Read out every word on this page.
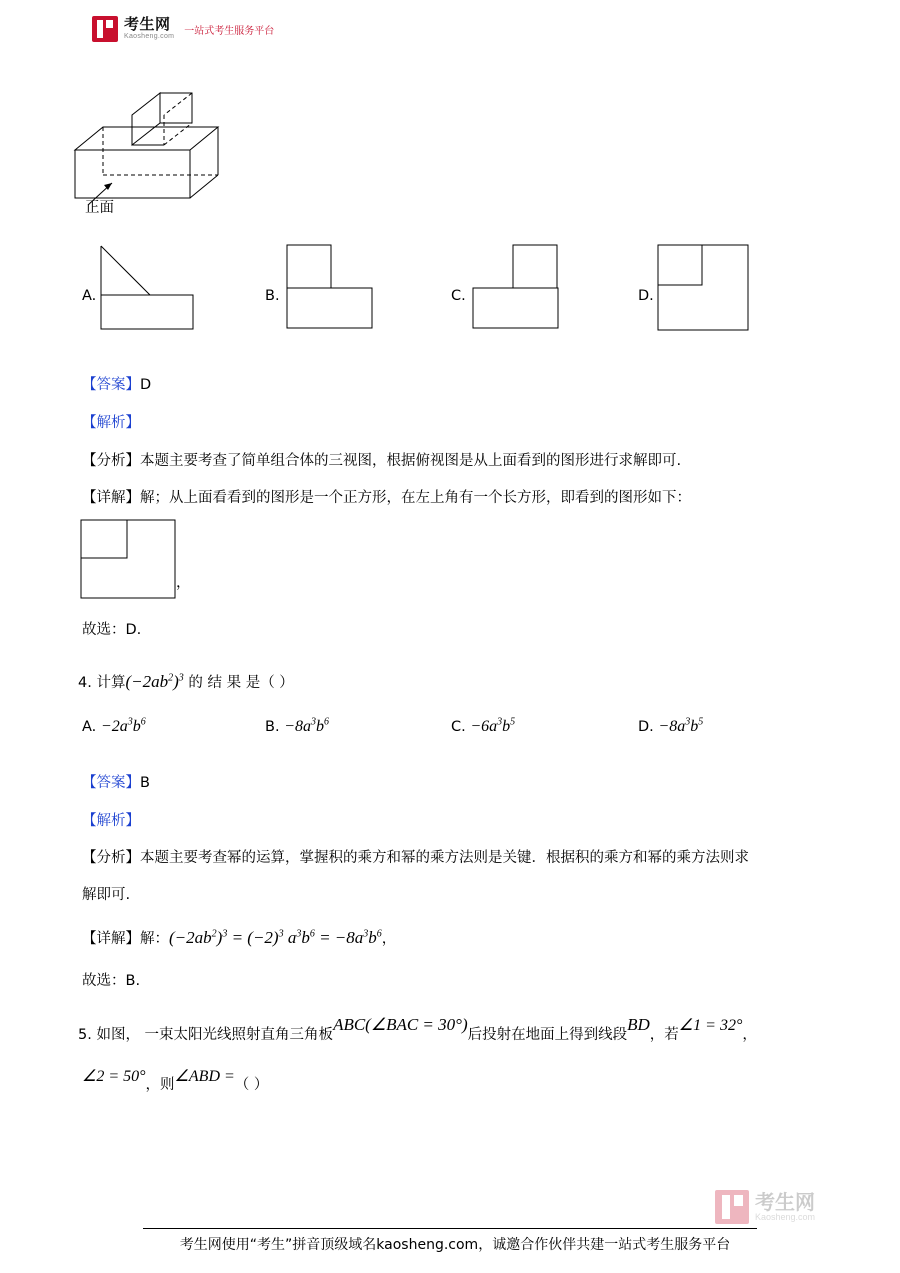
考生网
Kaosheng.com
一站式考生服务平台
正面
A.	B.	C.	D.
【答案】D
【解析】
【分析】本题主要考查了简单组合体的三视图，根据俯视图是从上面看到的图形进行求解即可.
【详解】解；从上面看看到的图形是一个正方形，在左上角有一个长方形，即看到的图形如下：
，
故选：D.
4. 计算$(-2ab^2)^3$ 的 结 果 是（ ）
A. $-2a^3b^6$	B. $-8a^3b^6$	C. $-6a^3b^5$	D. $-8a^3b^5$
【答案】B
【解析】
【分析】本题主要考查幂的运算，掌握积的乘方和幂的乘方法则是关键．根据积的乘方和幂的乘方法则求
解即可.
【详解】解：$(-2ab^2)^3 = (-2)^3$ $a^3b^6 = -8a^3b^6$，
故选：B.
5. 如图， 一束太阳光线照射直角三角板ABC(∠BAC = 30°)后投射在地面上得到线段BD，若∠1 = 32°，
∠2 = 50°，则∠ABD =（ ）
考生网
Kaosheng.com
考生网使用“考生”拼音顶级域名kaosheng.com，诚邀合作伙伴共建一站式考生服务平台
